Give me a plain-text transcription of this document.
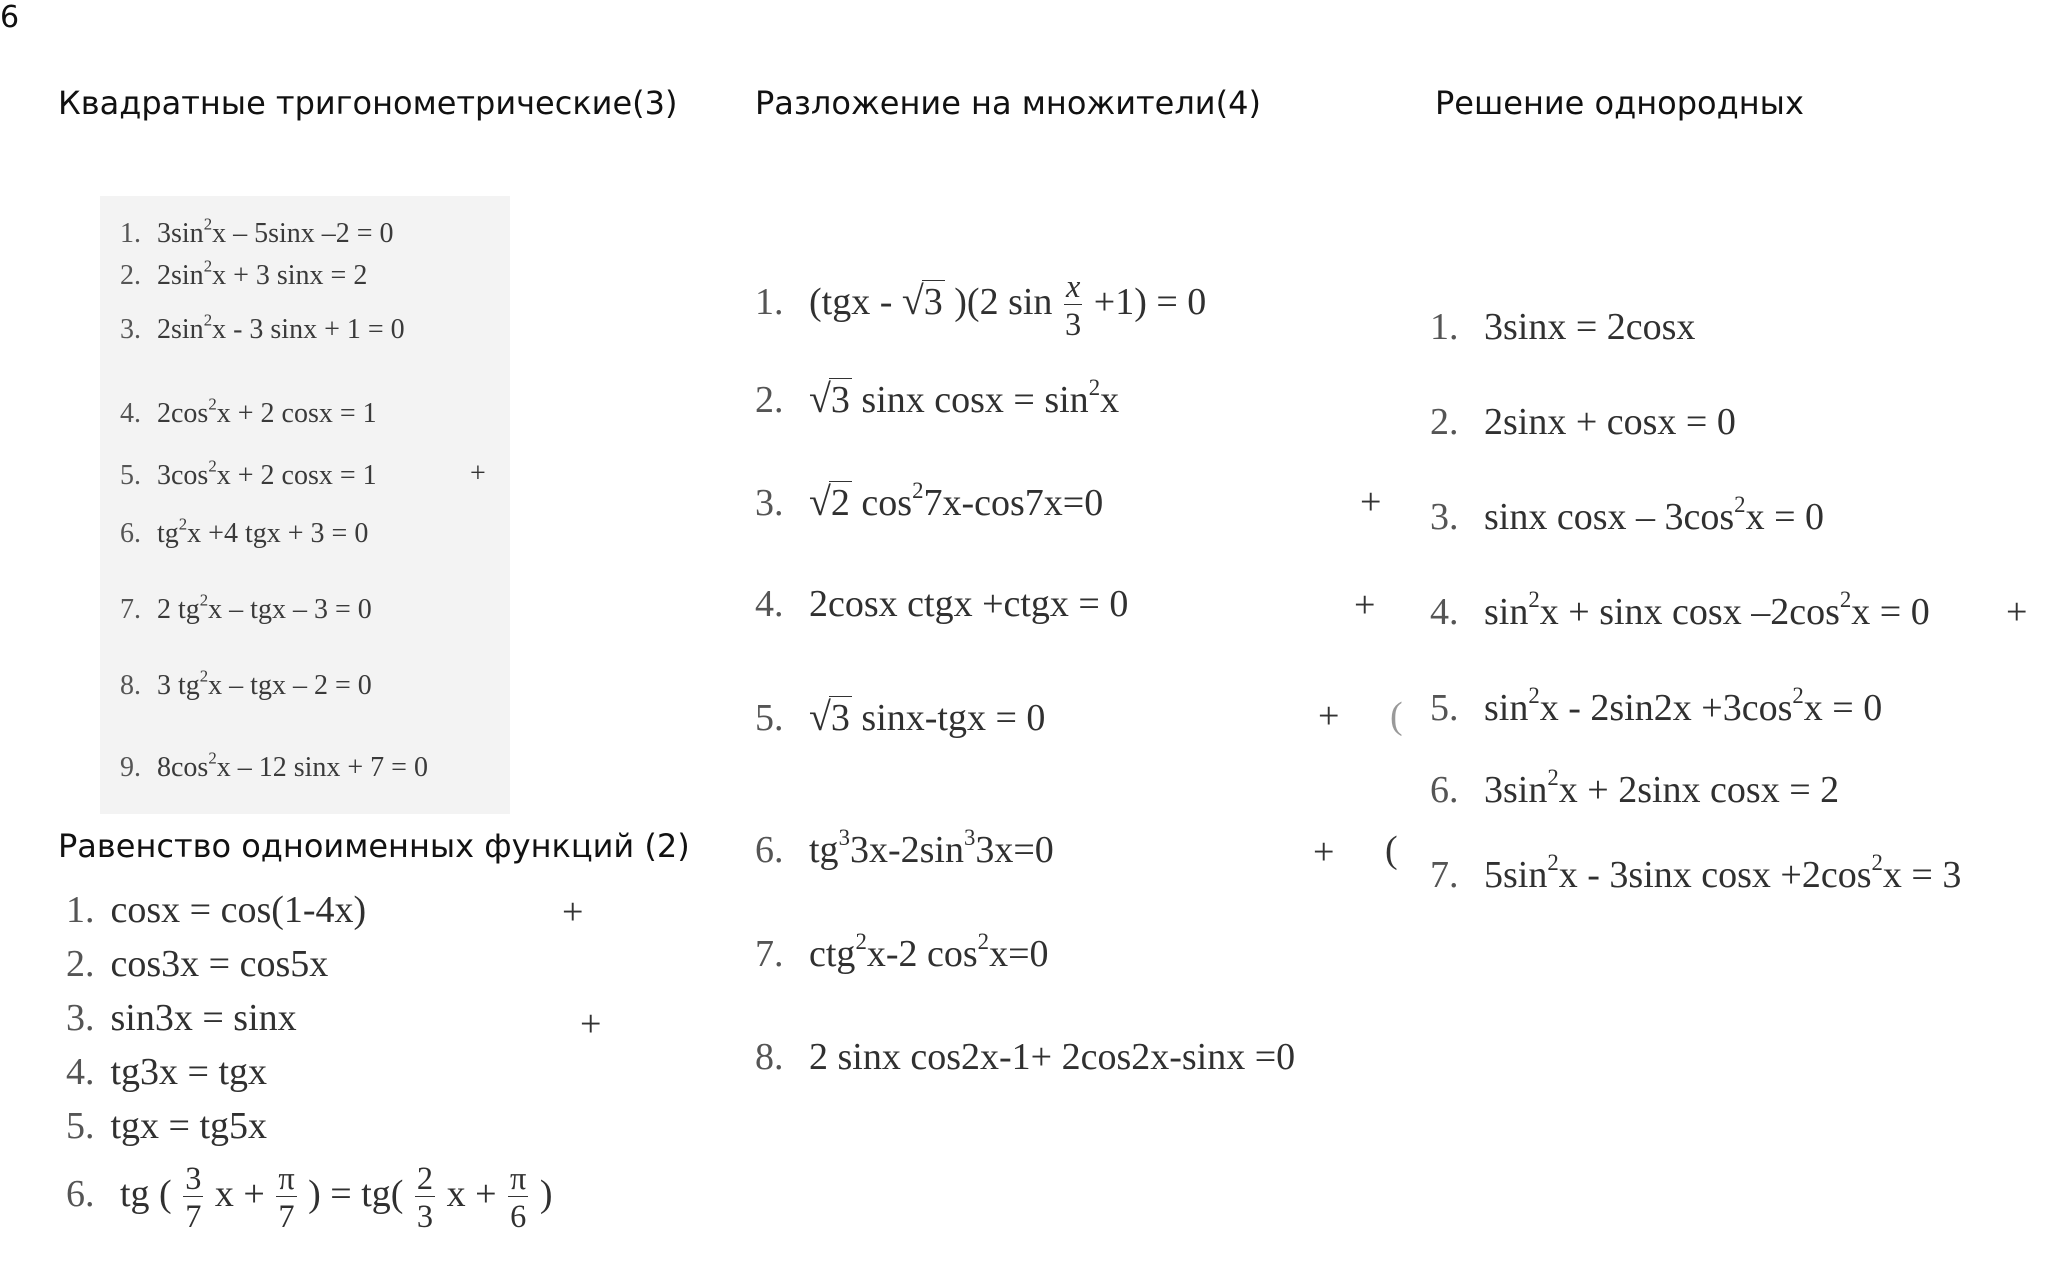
6
Квадратные тригонометрические(3)
1. $3\sin^2x - 5\sin x$ –2 = 0
2. $2\sin^2x + 3$ sinx = 2
3. $2\sin^2x - 3$ sinx + 1 = 0
4. $2\cos^2x + 2$ cosx = 1
5. $3\cos^2x + 2$ cosx = 1
6. $tg^2x +4$ tgx + 3 = 0
7. 2 $tg^2x$ – tgx – 3 = 0
8. 3 $tg^2x$ – tgx – 2 = 0
9. $8\cos^2x - 12$ sinx + 7 = 0
+
Равенство одноименных функций (2)
1. cosx = cos(1-4x)
2. cos3x = cos5x
3. sin3x = sinx
4. tg3x = tgx
5. tgx = tg5x
6. tg ( $\frac{3}{7}$ $x + \frac{\pi}{7}$ ) = $tg( \frac{2}{3}$ $x + \frac{\pi}{6}$ )
+
+
Разложение на множители(4)
1. (tgx - √3 )(2 $\sin \frac{x}{3} +1) = 0$
2. √3 sinx $\cos x = \sin^2x$
3. √2 $\cos^27x-\cos 7x=0$
4. 2cosx ctgx +ctgx = 0
5. √3 sinx-tgx = 0
6. $tg^33x-2\sin^33x=0$
7. ctg$^2$x-2 $\cos^2x=0$
8. 2 sinx cos2x-1+ 2cos2x-sinx =0
+
+
+
+
(
(
Решение однородных
1. 3sinx = 2cosx
2. 2sinx + cosx = 0
3. sinx $\cos x - 3\cos^2x = 0$
4. $\sin^2x + \sin x$ cosx $-2\cos^2x = 0$
5. $\sin^2x - 2\sin 2x +3\cos^2x = 0$
6. $3\sin^2x + 2\sin x$ cosx = 2
7. $5\sin^2x - 3\sin x$ $\cos x +2\cos^2x = 3$
+
